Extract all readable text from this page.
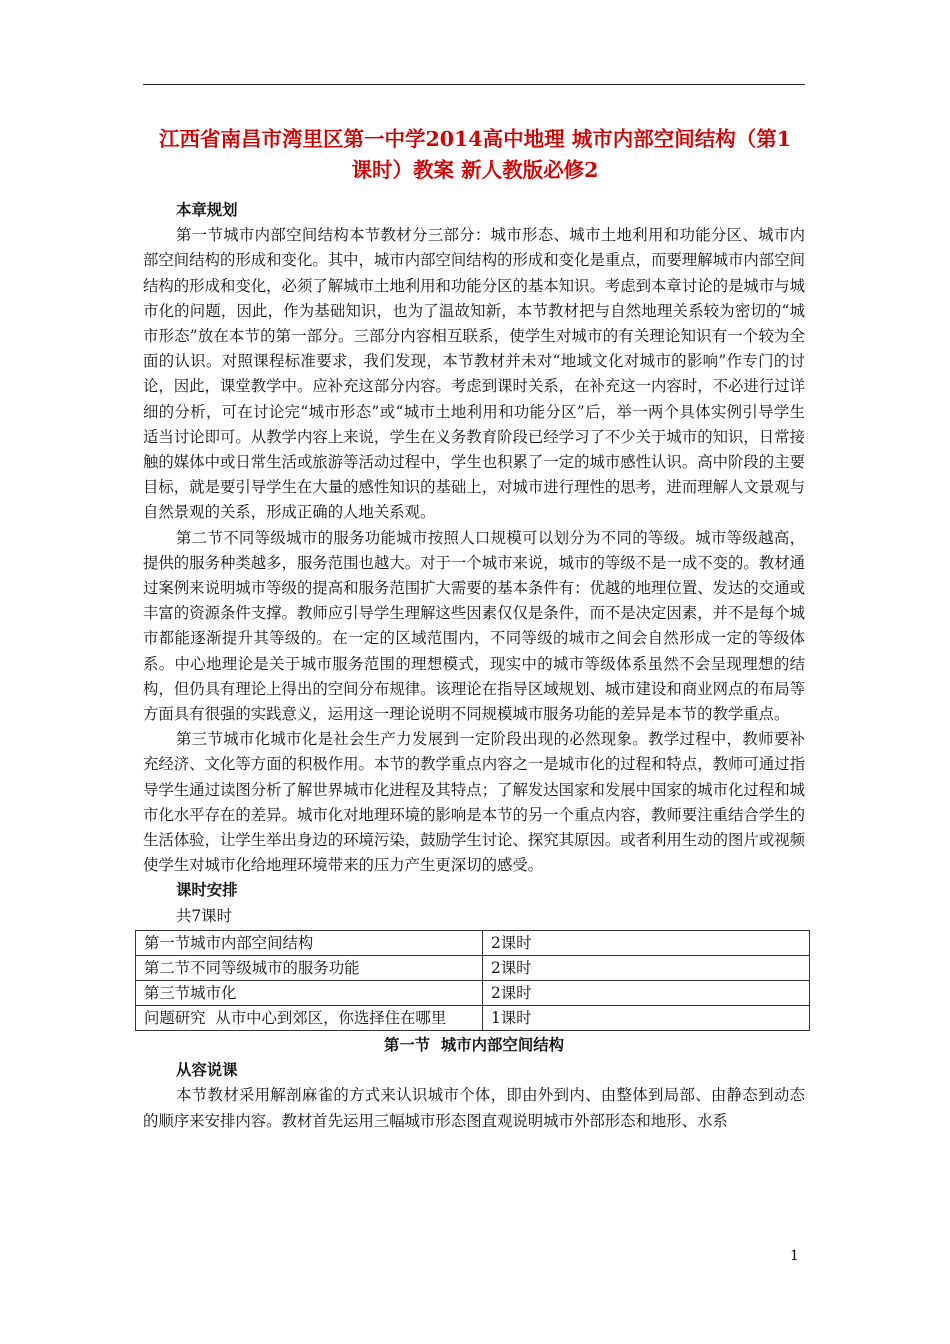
江西省南昌市湾里区第一中学2014高中地理 城市内部空间结构（第1课时）教案 新人教版必修2

本章规划

第一节城市内部空间结构本节教材分三部分：城市形态、城市土地利用和功能分区、城市内部空间结构的形成和变化。其中，城市内部空间结构的形成和变化是重点，而要理解城市内部空间结构的形成和变化，必须了解城市土地利用和功能分区的基本知识。考虑到本章讨论的是城市与城市化的问题，因此，作为基础知识，也为了温故知新，本节教材把与自然地理关系较为密切的“城市形态”放在本节的第一部分。三部分内容相互联系，使学生对城市的有关理论知识有一个较为全面的认识。对照课程标准要求，我们发现，本节教材并未对“地域文化对城市的影响”作专门的讨论，因此，课堂教学中。应补充这部分内容。考虑到课时关系，在补充这一内容时，不必进行过详细的分析，可在讨论完“城市形态”或“城市土地利用和功能分区”后，举一两个具体实例引导学生适当讨论即可。从教学内容上来说，学生在义务教育阶段已经学习了不少关于城市的知识，日常接触的媒体中或日常生活或旅游等活动过程中，学生也积累了一定的城市感性认识。高中阶段的主要目标，就是要引导学生在大量的感性知识的基础上，对城市进行理性的思考，进而理解人文景观与自然景观的关系，形成正确的人地关系观。

第二节不同等级城市的服务功能城市按照人口规模可以划分为不同的等级。城市等级越高，提供的服务种类越多，服务范围也越大。对于一个城市来说，城市的等级不是一成不变的。教材通过案例来说明城市等级的提高和服务范围扩大需要的基本条件有：优越的地理位置、发达的交通或丰富的资源条件支撑。教师应引导学生理解这些因素仅仅是条件，而不是决定因素，并不是每个城市都能逐渐提升其等级的。在一定的区域范围内，不同等级的城市之间会自然形成一定的等级体系。中心地理论是关于城市服务范围的理想模式，现实中的城市等级体系虽然不会呈现理想的结构，但仍具有理论上得出的空间分布规律。该理论在指导区域规划、城市建设和商业网点的布局等方面具有很强的实践意义，运用这一理论说明不同规模城市服务功能的差异是本节的教学重点。

第三节城市化城市化是社会生产力发展到一定阶段出现的必然现象。教学过程中，教师要补充经济、文化等方面的积极作用。本节的教学重点内容之一是城市化的过程和特点，教师可通过指导学生通过读图分析了解世界城市化进程及其特点；了解发达国家和发展中国家的城市化过程和城市化水平存在的差异。城市化对地理环境的影响是本节的另一个重点内容，教师要注重结合学生的生活体验，让学生举出身边的环境污染，鼓励学生讨论、探究其原因。或者利用生动的图片或视频使学生对城市化给地理环境带来的压力产生更深切的感受。

课时安排

共7课时

第一节城市内部空间结构	2课时
第二节不同等级城市的服务功能	2课时
第三节城市化	2课时
问题研究  从市中心到郊区，你选择住在哪里	1课时

第一节  城市内部空间结构

从容说课

本节教材采用解剖麻雀的方式来认识城市个体，即由外到内、由整体到局部、由静态到动态的顺序来安排内容。教材首先运用三幅城市形态图直观说明城市外部形态和地形、水系

1
